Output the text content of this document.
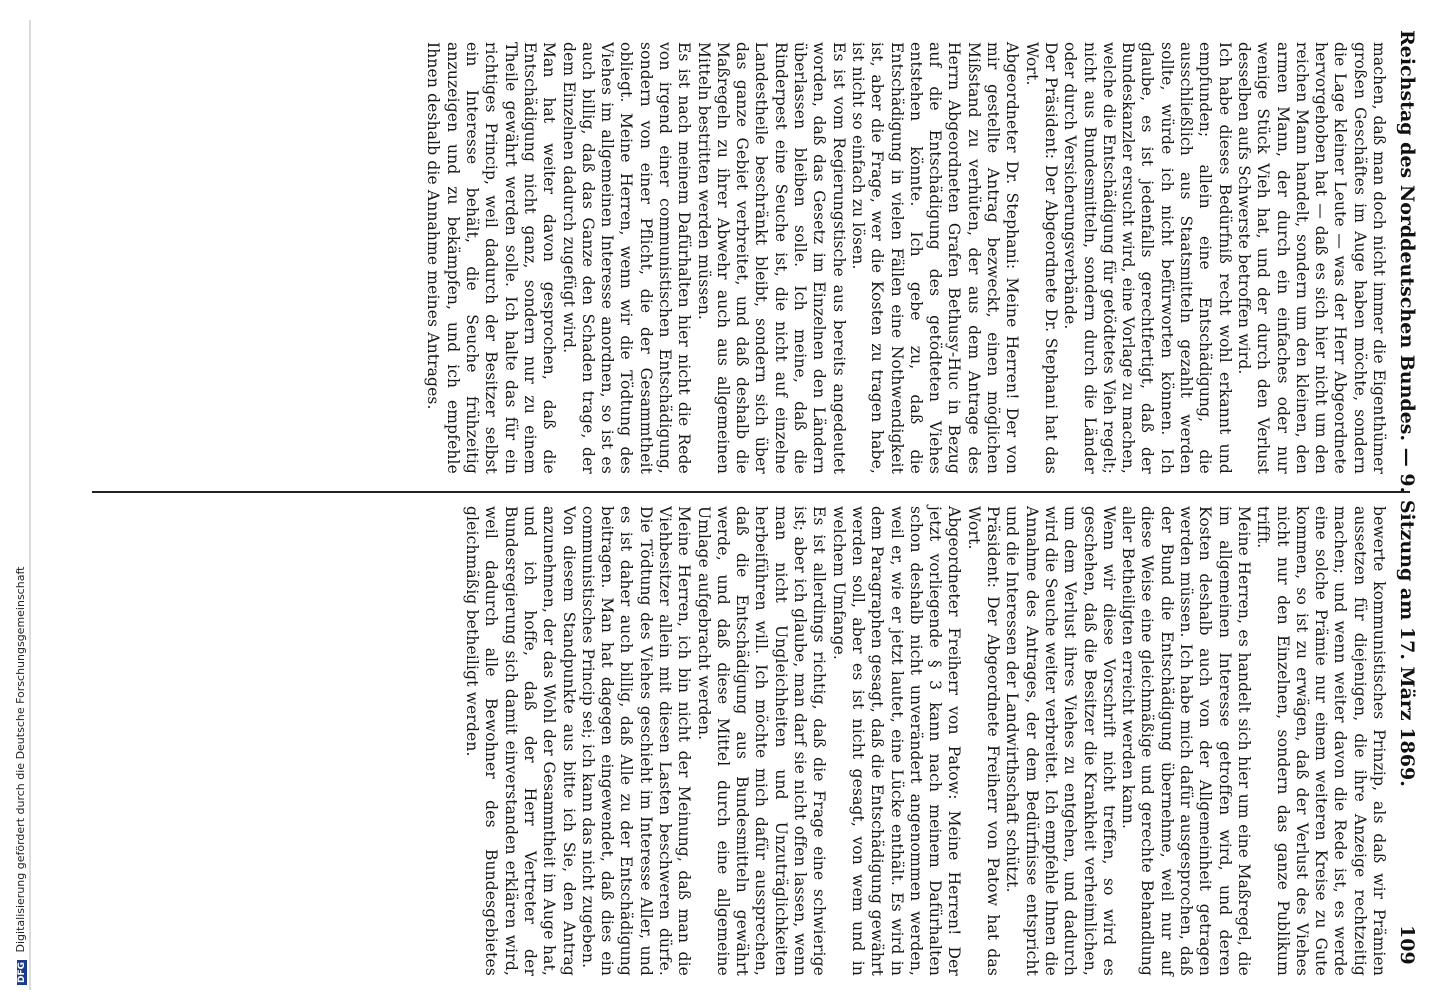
DFG Digitalisierung gefördert durch die Deutsche Forschungsgemeinschaft
Reichstag des Norddeutschen Bundes. — 9. Sitzung am 17. März 1869.
109

machen, daß man doch nicht immer die Eigenthümer großen Geschäftes im Auge haben möchte, sondern die Lage kleiner Leute — was der Herr Abgeordnete hervorgehoben hat — daß es sich hier nicht um den reichen Mann handelt, sondern um den kleinen, den armen Mann, der durch ein einfaches oder nur wenige Stück Vieh hat, und der durch den Verlust desselben aufs Schwerste betroffen wird.

Ich habe dieses Bedürfniß recht wohl erkannt und empfunden; allein eine Entschädigung, die ausschließlich aus Staatsmitteln gezahlt werden sollte, würde ich nicht befürworten können. Ich glaube, es ist jedenfalls gerechtfertigt, daß der Bundeskanzler ersucht wird, eine Vorlage zu machen, welche die Entschädigung für getödtetes Vieh regelt; nicht aus Bundesmitteln, sondern durch die Länder oder durch Versicherungsverbände.

Der Präsident: Der Abgeordnete Dr. Stephani hat das Wort.

Abgeordneter Dr. Stephani: Meine Herren! Der von mir gestellte Antrag bezweckt, einen möglichen Mißstand zu verhüten, der aus dem Antrage des Herrn Abgeordneten Grafen Bethusy-Huc in Bezug auf die Entschädigung des getödteten Viehes entstehen könnte. Ich gebe zu, daß die Entschädigung in vielen Fällen eine Nothwendigkeit ist, aber die Frage, wer die Kosten zu tragen habe, ist nicht so einfach zu lösen.

Es ist vom Regierungstische aus bereits angedeutet worden, daß das Gesetz im Einzelnen den Ländern überlassen bleiben solle. Ich meine, daß die Rinderpest eine Seuche ist, die nicht auf einzelne Landestheile beschränkt bleibt, sondern sich über das ganze Gebiet verbreitet, und daß deshalb die Maßregeln zu ihrer Abwehr auch aus allgemeinen Mitteln bestritten werden müssen.

Es ist nach meinem Dafürhalten hier nicht die Rede von irgend einer communistischen Entschädigung, sondern von einer Pflicht, die der Gesammtheit obliegt. Meine Herren, wenn wir die Tödtung des Viehes im allgemeinen Interesse anordnen, so ist es auch billig, daß das Ganze den Schaden trage, der dem Einzelnen dadurch zugefügt wird.

Man hat weiter davon gesprochen, daß die Entschädigung nicht ganz, sondern nur zu einem Theile gewährt werden solle. Ich halte das für ein richtiges Princip, weil dadurch der Besitzer selbst ein Interesse behält, die Seuche frühzeitig anzuzeigen und zu bekämpfen, und ich empfehle Ihnen deshalb die Annahme meines Antrages.

bewerte kommunistisches Prinzip, als daß wir Prämien aussetzen für diejenigen, die ihre Anzeige rechtzeitig machen; und wenn weiter davon die Rede ist, es werde eine solche Prämie nur einem weiteren Kreise zu Gute kommen, so ist zu erwägen, daß der Verlust des Viehes nicht nur den Einzelnen, sondern das ganze Publikum trifft.

Meine Herren, es handelt sich hier um eine Maßregel, die im allgemeinen Interesse getroffen wird, und deren Kosten deshalb auch von der Allgemeinheit getragen werden müssen. Ich habe mich dafür ausgesprochen, daß der Bund die Entschädigung übernehme, weil nur auf diese Weise eine gleichmäßige und gerechte Behandlung aller Betheiligten erreicht werden kann.

Wenn wir diese Vorschrift nicht treffen, so wird es geschehen, daß die Besitzer die Krankheit verheimlichen, um dem Verlust ihres Viehes zu entgehen, und dadurch wird die Seuche weiter verbreitet. Ich empfehle Ihnen die Annahme des Antrages, der dem Bedürfnisse entspricht und die Interessen der Landwirthschaft schützt.

Präsident: Der Abgeordnete Freiherr von Patow hat das Wort.

Abgeordneter Freiherr von Patow: Meine Herren! Der jetzt vorliegende § 3 kann nach meinem Dafürhalten schon deshalb nicht unverändert angenommen werden, weil er, wie er jetzt lautet, eine Lücke enthält. Es wird in dem Paragraphen gesagt, daß die Entschädigung gewährt werden soll, aber es ist nicht gesagt, von wem und in welchem Umfange.

Es ist allerdings richtig, daß die Frage eine schwierige ist; aber ich glaube, man darf sie nicht offen lassen, wenn man nicht Ungleichheiten und Unzuträglichkeiten herbeiführen will. Ich möchte mich dafür aussprechen, daß die Entschädigung aus Bundesmitteln gewährt werde, und daß diese Mittel durch eine allgemeine Umlage aufgebracht werden.

Meine Herren, ich bin nicht der Meinung, daß man die Viehbesitzer allein mit diesen Lasten beschweren dürfe. Die Tödtung des Viehes geschieht im Interesse Aller, und es ist daher auch billig, daß Alle zu der Entschädigung beitragen. Man hat dagegen eingewendet, daß dies ein communistisches Princip sei; ich kann das nicht zugeben.

Von diesem Standpunkte aus bitte ich Sie, den Antrag anzunehmen, der das Wohl der Gesammtheit im Auge hat, und ich hoffe, daß der Herr Vertreter der Bundesregierung sich damit einverstanden erklären wird, weil dadurch alle Bewohner des Bundesgebietes gleichmäßig betheiligt werden.
